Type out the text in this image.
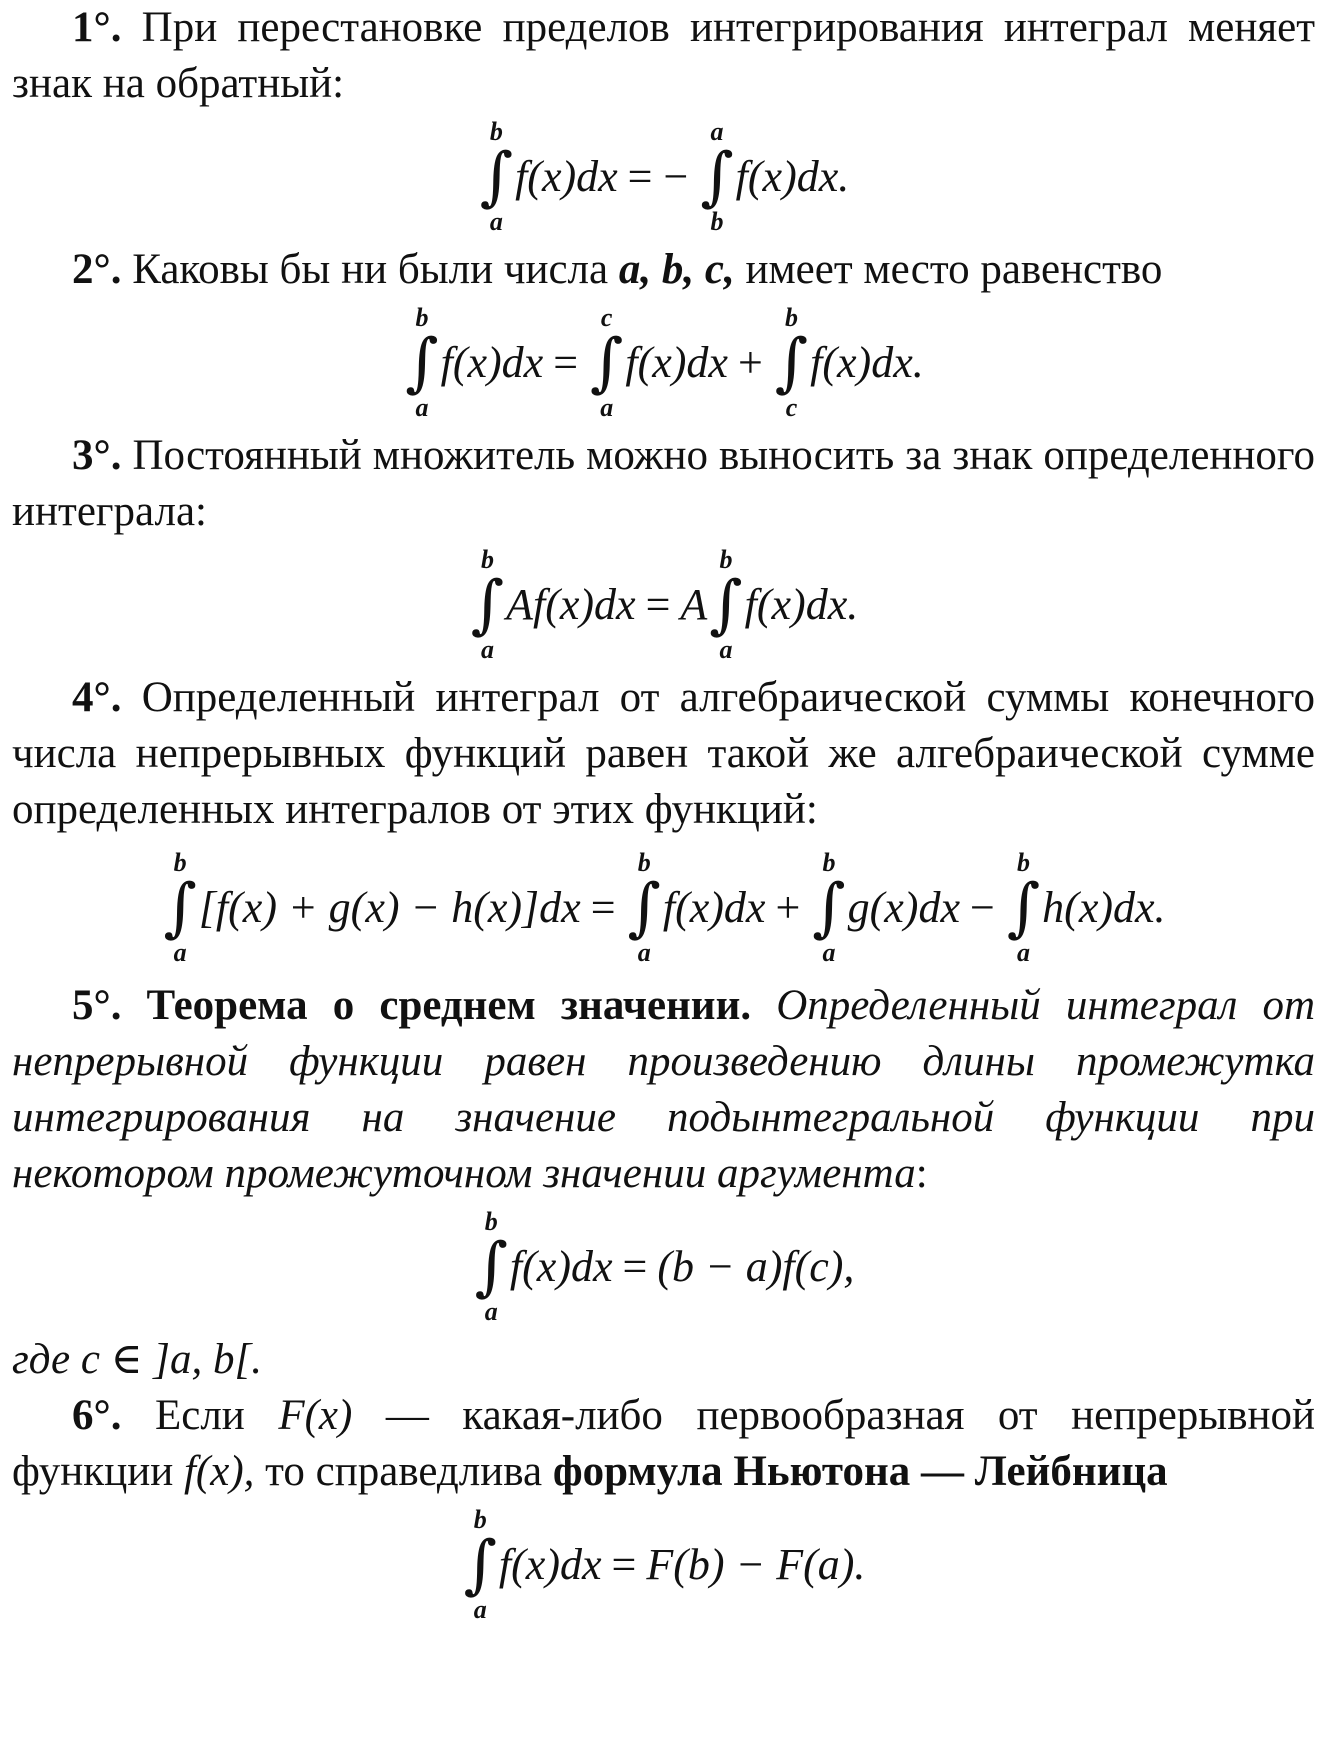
1°. При перестановке пределов интегрирования интеграл меняет знак на обратный:

b
∫
a
f(x)dx = −
a
∫
b
f(x)dx.

2°. Каковы бы ни были числа a, b, c, имеет место равенство

b
∫
a
f(x)dx =
c
∫
a
f(x)dx +
b
∫
c
f(x)dx.

3°. Постоянный множитель можно выносить за знак определенного интеграла:

b
∫
a
Af(x)dx = A
b
∫
a
f(x)dx.

4°. Определенный интеграл от алгебраической суммы конечного числа непрерывных функций равен такой же алгебраической сумме определенных интегралов от этих функций:

b
∫
a
[f(x) + g(x) − h(x)]dx =
b
∫
a
f(x)dx +
b
∫
a
g(x)dx −
b
∫
a
h(x)dx.

5°. Теорема о среднем значении. Определенный интеграл от непрерывной функции равен произведению длины промежутка интегрирования на значение подынтегральной функции при некотором промежуточном значении аргумента:

b
∫
a
f(x)dx = (b − a)f(c),

где c ∈ ]a, b[.

6°. Если F(x) — какая-либо первообразная от непрерывной функции f(x), то справедлива формула Ньютона — Лейбница

b
∫
a
f(x)dx = F(b) − F(a).
